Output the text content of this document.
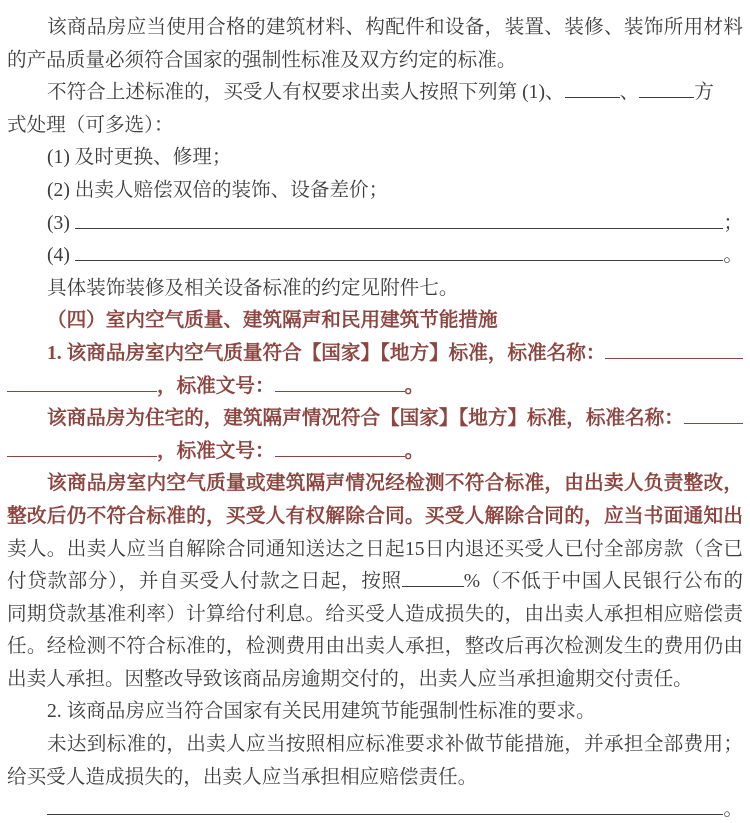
该商品房应当使用合格的建筑材料、构配件和设备，装置、装修、装饰所用材料
的产品质量必须符合国家的强制性标准及双方约定的标准。
不符合上述标准的，买受人有权要求出卖人按照下列第 (1)、	、	方
式处理（可多选）：
(1) 及时更换、修理；
(2) 出卖人赔偿双倍的装饰、设备差价；
(3)	；
(4)	。
具体装饰装修及相关设备标准的约定见附件七。
（四）室内空气质量、建筑隔声和民用建筑节能措施
1. 该商品房室内空气质量符合【国家】【地方】标准，标准名称：
，标准文号：	。
该商品房为住宅的，建筑隔声情况符合【国家】【地方】标准，标准名称：
，标准文号：	。
该商品房室内空气质量或建筑隔声情况经检测不符合标准，由出卖人负责整改，
整改后仍不符合标准的，买受人有权解除合同。买受人解除合同的，应当书面通知出
卖人。出卖人应当自解除合同通知送达之日起15日内退还买受人已付全部房款（含已
付贷款部分），并自买受人付款之日起，按照	%（不低于中国人民银行公布的
同期贷款基准利率）计算给付利息。给买受人造成损失的，由出卖人承担相应赔偿责
任。经检测不符合标准的，检测费用由出卖人承担，整改后再次检测发生的费用仍由
出卖人承担。因整改导致该商品房逾期交付的，出卖人应当承担逾期交付责任。
2. 该商品房应当符合国家有关民用建筑节能强制性标准的要求。
未达到标准的，出卖人应当按照相应标准要求补做节能措施，并承担全部费用；
给买受人造成损失的，出卖人应当承担相应赔偿责任。
。
